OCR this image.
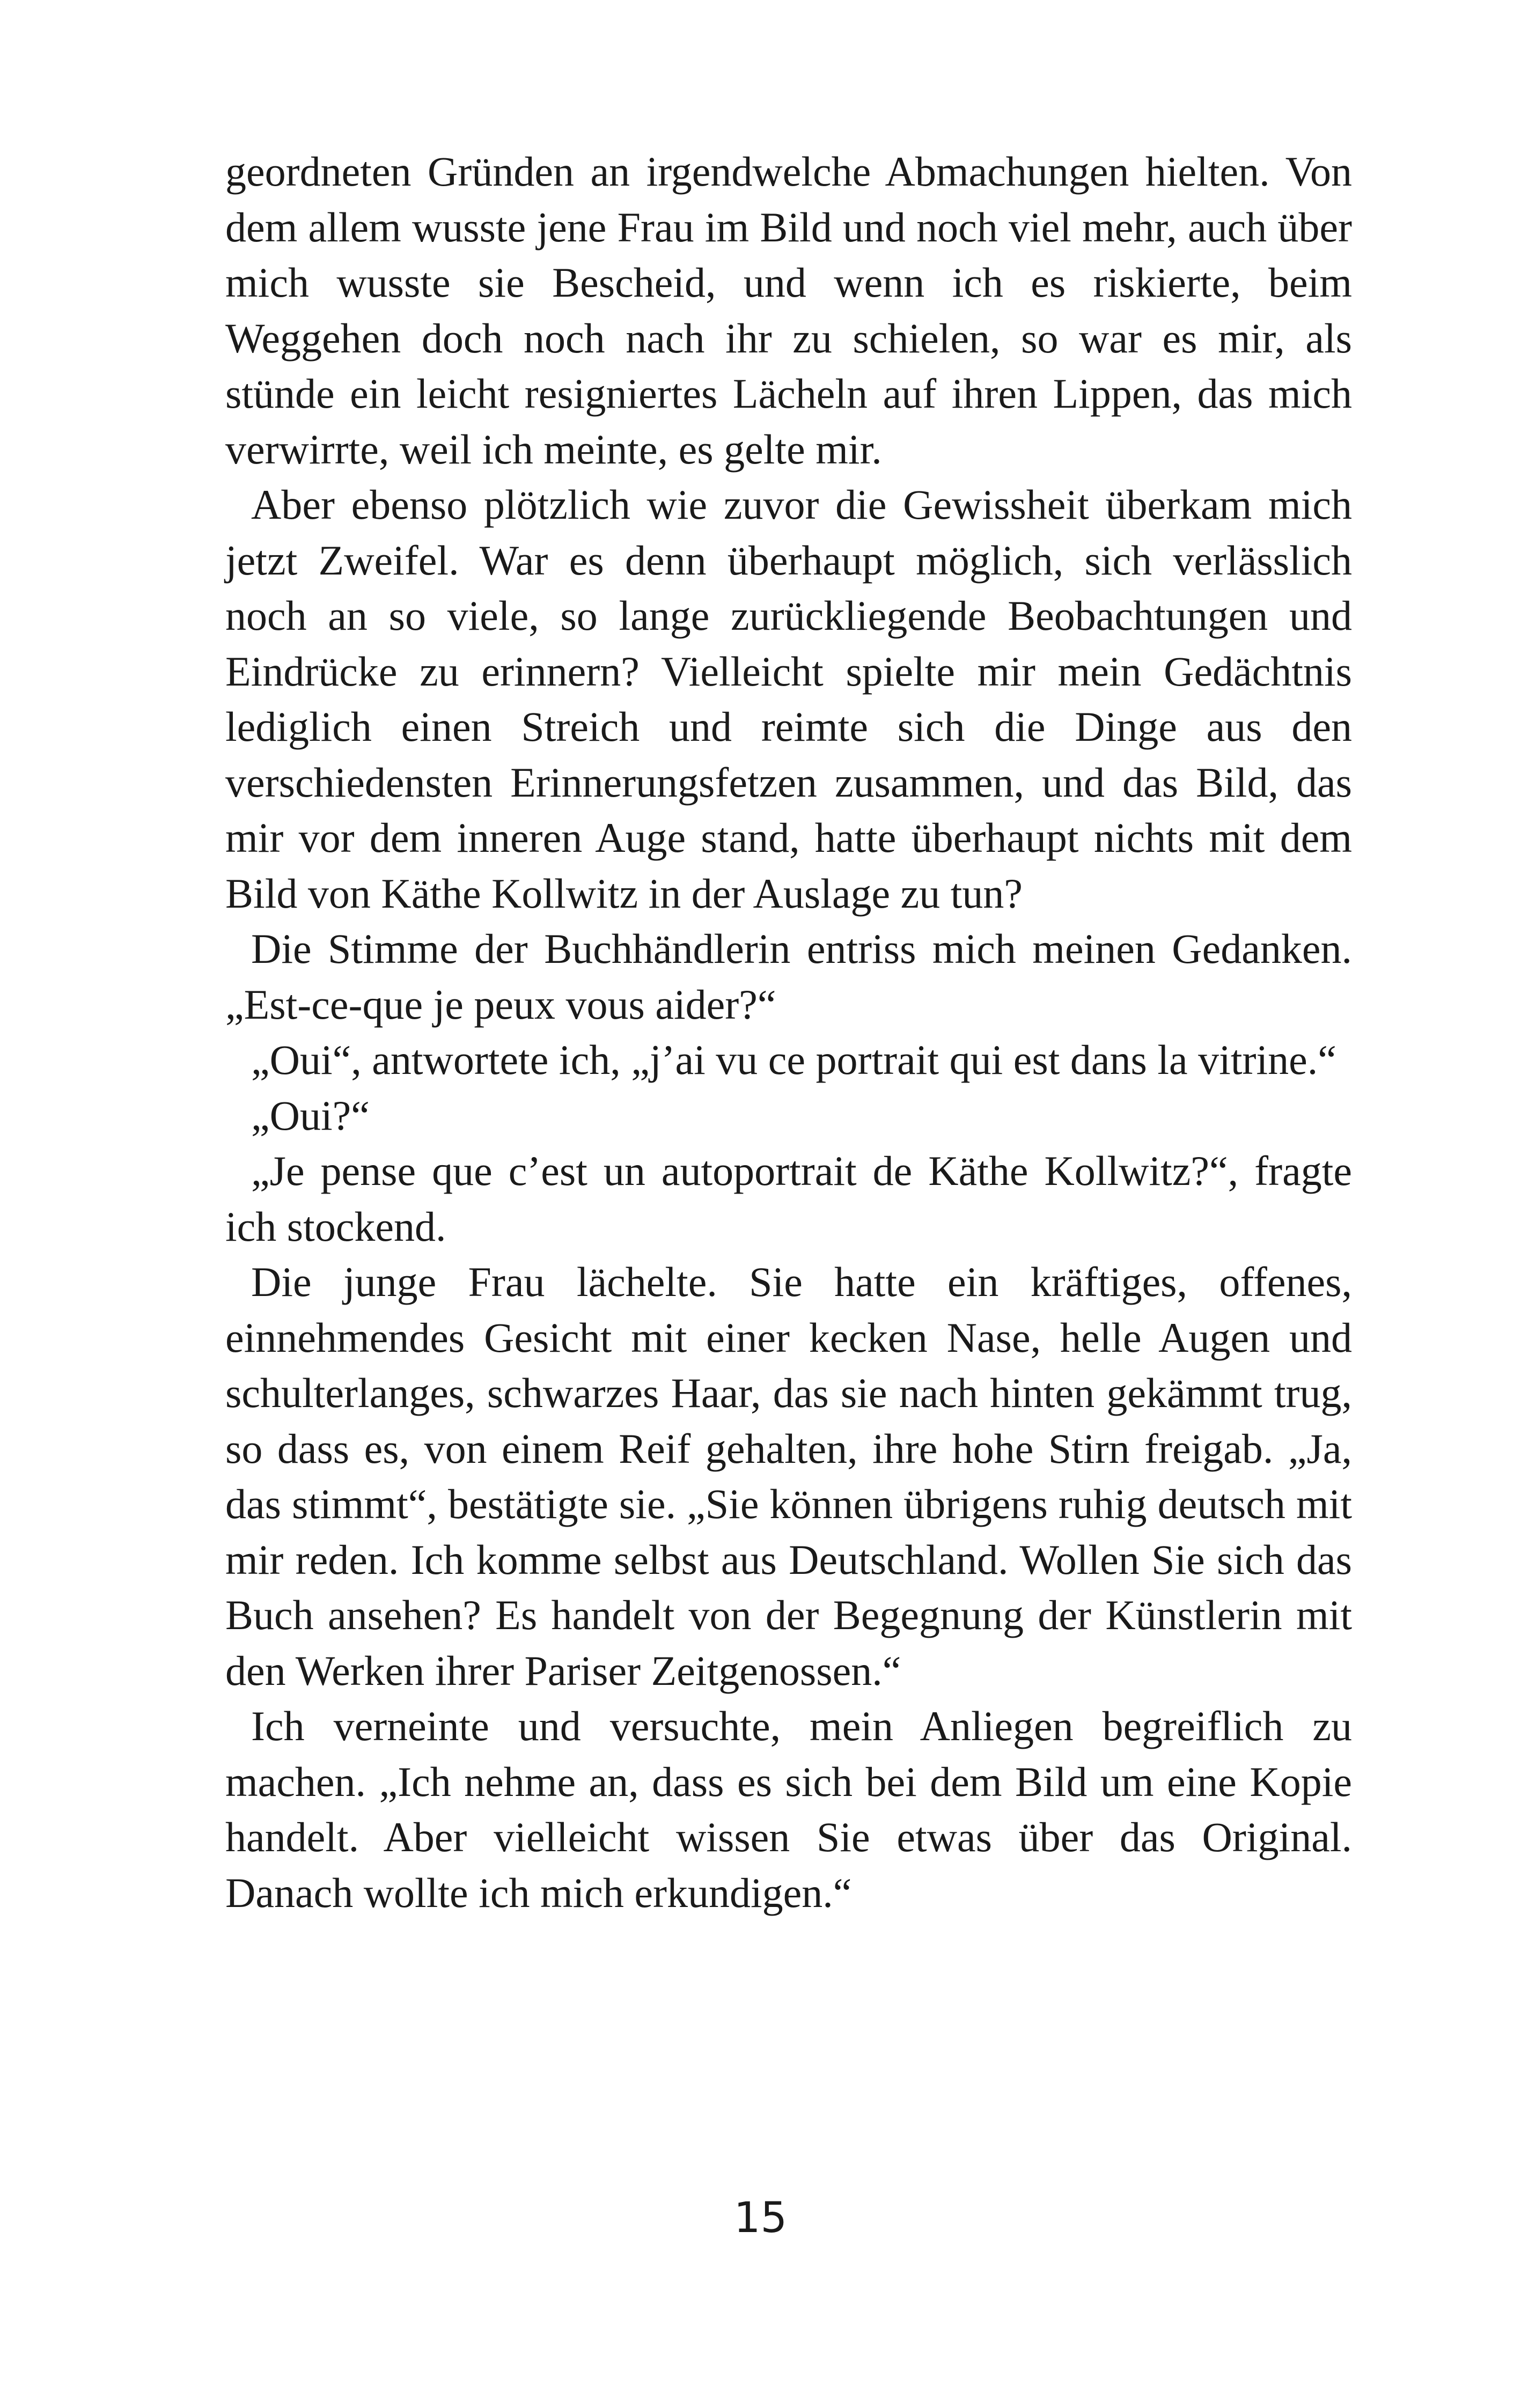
geordneten Gründen an irgendwelche Abmachungen hielten. Von dem allem wusste jene Frau im Bild und noch viel mehr, auch über mich wusste sie Bescheid, und wenn ich es riskierte, beim Weggehen doch noch nach ihr zu schielen, so war es mir, als stünde ein leicht resigniertes Lächeln auf ihren Lippen, das mich verwirrte, weil ich meinte, es gelte mir.

Aber ebenso plötzlich wie zuvor die Gewissheit überkam mich jetzt Zweifel. War es denn überhaupt möglich, sich verlässlich noch an so viele, so lange zurückliegende Beobachtungen und Eindrücke zu erinnern? Vielleicht spielte mir mein Gedächtnis lediglich einen Streich und reimte sich die Dinge aus den verschiedensten Erinnerungsfetzen zusammen, und das Bild, das mir vor dem inneren Auge stand, hatte überhaupt nichts mit dem Bild von Käthe Kollwitz in der Auslage zu tun?

Die Stimme der Buchhändlerin entriss mich meinen Gedanken. „Est-ce-que je peux vous aider?“

„Oui“, antwortete ich, „j’ai vu ce portrait qui est dans la vitrine.“

„Oui?“

„Je pense que c’est un autoportrait de Käthe Kollwitz?“, fragte ich stockend.

Die junge Frau lächelte. Sie hatte ein kräftiges, offenes, einnehmendes Gesicht mit einer kecken Nase, helle Augen und schulterlanges, schwarzes Haar, das sie nach hinten gekämmt trug, so dass es, von einem Reif gehalten, ihre hohe Stirn freigab. „Ja, das stimmt“, bestätigte sie. „Sie können übrigens ruhig deutsch mit mir reden. Ich komme selbst aus Deutschland. Wollen Sie sich das Buch ansehen? Es handelt von der Begegnung der Künstlerin mit den Werken ihrer Pariser Zeitgenossen.“

Ich verneinte und versuchte, mein Anliegen begreiflich zu machen. „Ich nehme an, dass es sich bei dem Bild um eine Kopie handelt. Aber vielleicht wissen Sie etwas über das Original. Danach wollte ich mich erkundigen.“

15
